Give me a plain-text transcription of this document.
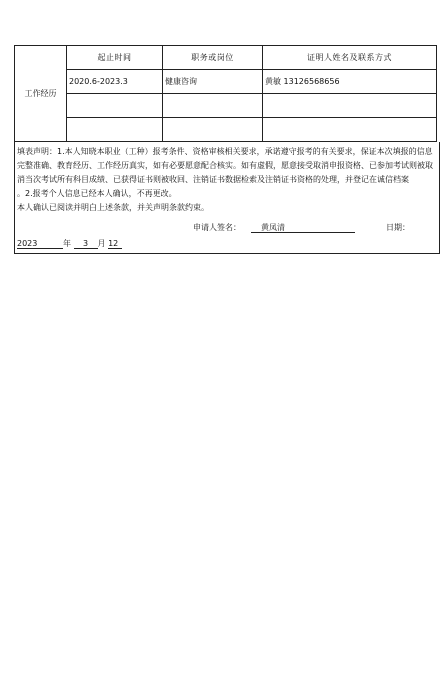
工作经历	起止时间	职务或岗位	证明人姓名及联系方式
	2020.6-2023.3	健康咨询	黄敏 13126568656

填表声明：1.本人知晓本职业（工种）报考条件、资格审核相关要求，承诺遵守报考的有关要求，保证本次填报的信息完整准确、教育经历、工作经历真实，如有必要愿意配合核实。如有虚假，愿意接受取消申报资格、已参加考试则被取消当次考试所有科目成绩、已获得证书则被收回、注销证书数据检索及注销证书资格的处理，并登记在诚信档案

。2.报考个人信息已经本人确认，不再更改。

本人确认已阅读并明白上述条款，并关声明条款约束。

申请人签名：	黄凤清	日期：
2023	年 3 月 12
